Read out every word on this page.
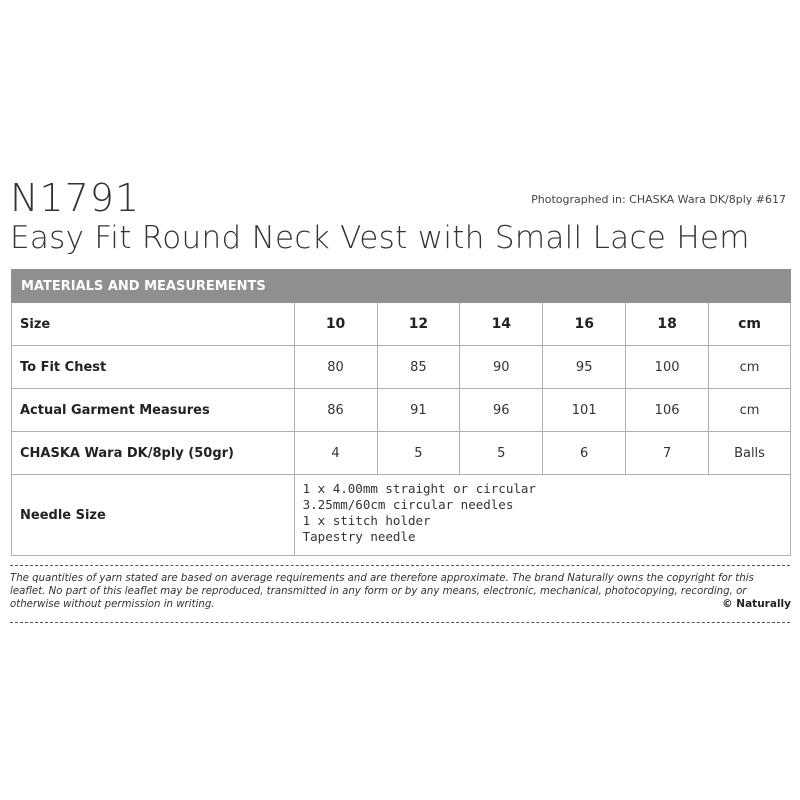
N1791	Photographed in: CHASKA Wara DK/8ply #617
Easy Fit Round Neck Vest with Small Lace Hem
MATERIALS AND MEASUREMENTS						
Size	10	12	14	16	18	cm
To Fit Chest	80	85	90	95	100	cm
Actual Garment Measures	86	91	96	101	106	cm
CHASKA Wara DK/8ply (50gr)	4	5	5	6	7	Balls
Needle Size	1 x 4.00mm straight or circular
3.25mm/60cm circular needles
1 x stitch holder
Tapestry needle					
The quantities of yarn stated are based on average requirements and are therefore approximate. The brand Naturally owns the copyright for this leaflet. No part of this leaflet may be reproduced, transmitted in any form or by any means, electronic, mechanical, photocopying, recording, or otherwise without permission in writing.	© Naturally
